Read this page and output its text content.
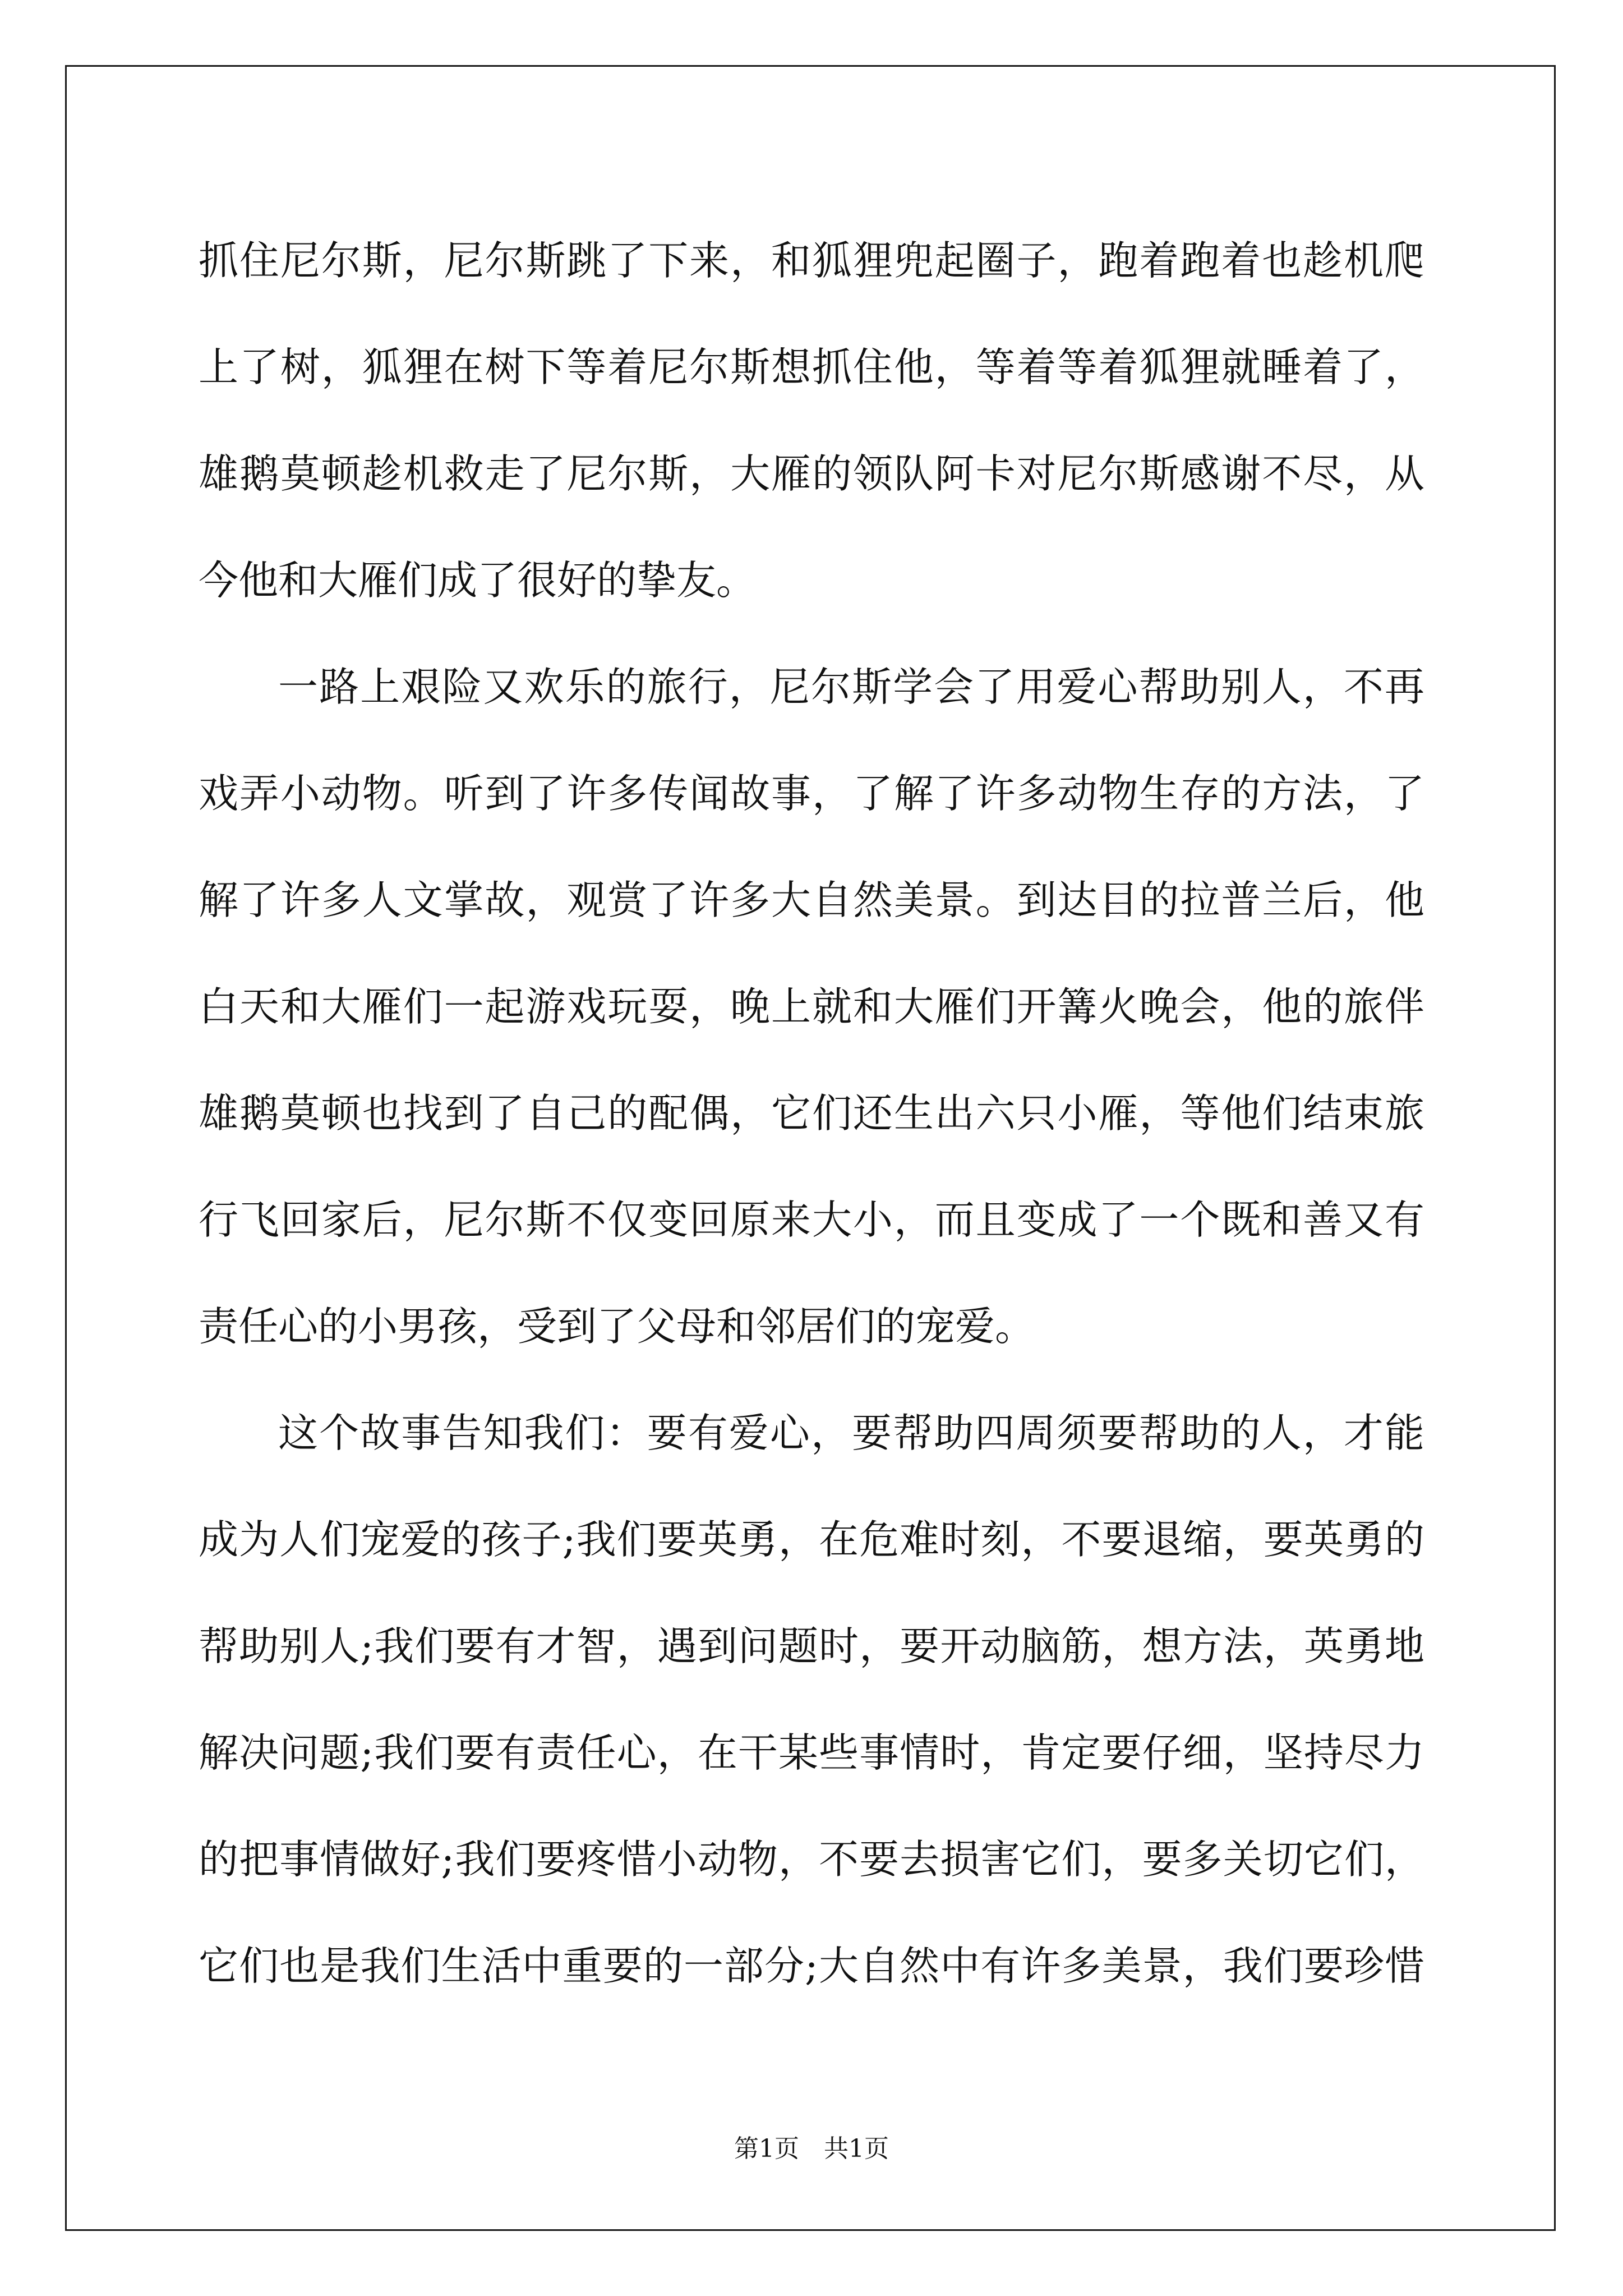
抓住尼尔斯，尼尔斯跳了下来，和狐狸兜起圈子，跑着跑着也趁机爬
上了树，狐狸在树下等着尼尔斯想抓住他，等着等着狐狸就睡着了，
雄鹅莫顿趁机救走了尼尔斯，大雁的领队阿卡对尼尔斯感谢不尽，从
今他和大雁们成了很好的挚友。
一路上艰险又欢乐的旅行，尼尔斯学会了用爱心帮助别人，不再
戏弄小动物。听到了许多传闻故事，了解了许多动物生存的方法，了
解了许多人文掌故，观赏了许多大自然美景。到达目的拉普兰后，他
白天和大雁们一起游戏玩耍，晚上就和大雁们开篝火晚会，他的旅伴
雄鹅莫顿也找到了自己的配偶，它们还生出六只小雁，等他们结束旅
行飞回家后，尼尔斯不仅变回原来大小，而且变成了一个既和善又有
责任心的小男孩，受到了父母和邻居们的宠爱。
这个故事告知我们：要有爱心，要帮助四周须要帮助的人，才能
成为人们宠爱的孩子;我们要英勇，在危难时刻，不要退缩，要英勇的
帮助别人;我们要有才智，遇到问题时，要开动脑筋，想方法，英勇地
解决问题;我们要有责任心，在干某些事情时，肯定要仔细，坚持尽力
的把事情做好;我们要疼惜小动物，不要去损害它们，要多关切它们，
它们也是我们生活中重要的一部分;大自然中有许多美景，我们要珍惜
第1页 共1页
